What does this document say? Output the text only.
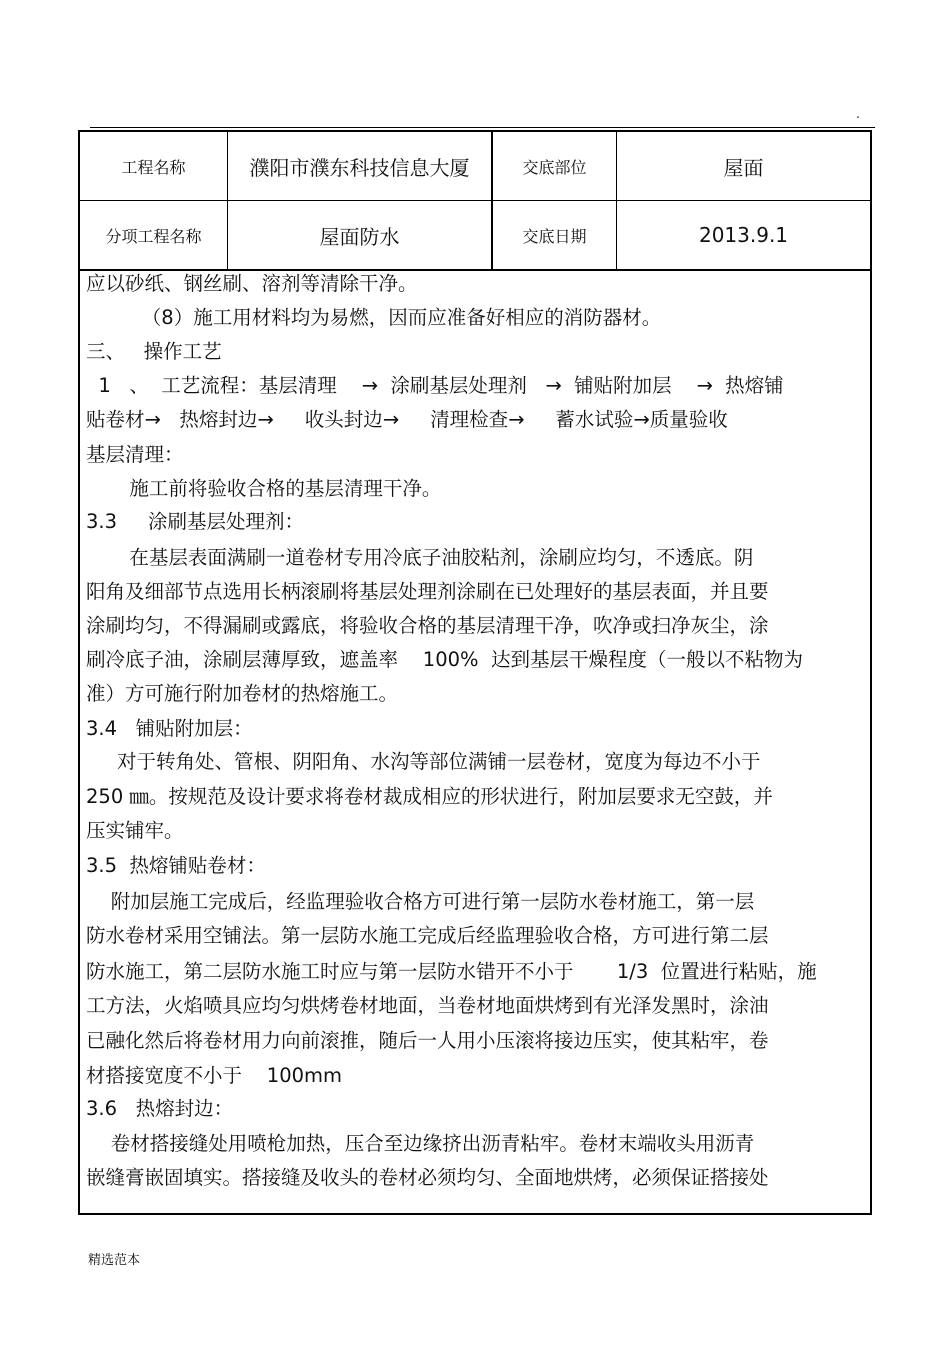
.
工程名称	濮阳市濮东科技信息大厦	交底部位	屋面
分项工程名称	屋面防水	交底日期	2013.9.1
应以砂纸、钢丝刷、溶剂等清除干净。
（8）施工用材料均为易燃，因而应准备好相应的消防器材。
三、   操作工艺
1   、  工艺流程：基层清理    →  涂刷基层处理剂   →  铺贴附加层    →  热熔铺
贴卷材→   热熔封边→     收头封边→     清理检查→     蓄水试验→质量验收
基层清理：
施工前将验收合格的基层清理干净。
3.3     涂刷基层处理剂：
在基层表面满刷一道卷材专用冷底子油胶粘剂，涂刷应均匀，不透底。阴
阳角及细部节点选用长柄滚刷将基层处理剂涂刷在已处理好的基层表面，并且要
涂刷均匀，不得漏刷或露底，将验收合格的基层清理干净，吹净或扫净灰尘，涂
刷冷底子油，涂刷层薄厚致，遮盖率    100%  达到基层干燥程度（一般以不粘物为
准）方可施行附加卷材的热熔施工。
3.4   铺贴附加层：
对于转角处、管根、阴阳角、水沟等部位满铺一层卷材，宽度为每边不小于
250 ㎜。按规范及设计要求将卷材裁成相应的形状进行，附加层要求无空鼓，并
压实铺牢。
3.5  热熔铺贴卷材：
附加层施工完成后，经监理验收合格方可进行第一层防水卷材施工，第一层
防水卷材采用空铺法。第一层防水施工完成后经监理验收合格，方可进行第二层
防水施工，第二层防水施工时应与第一层防水错开不小于       1/3  位置进行粘贴，施
工方法，火焰喷具应均匀烘烤卷材地面，当卷材地面烘烤到有光泽发黑时，涂油
已融化然后将卷材用力向前滚推，随后一人用小压滚将接边压实，使其粘牢，卷
材搭接宽度不小于    100mm
3.6   热熔封边：
卷材搭接缝处用喷枪加热，压合至边缘挤出沥青粘牢。卷材末端收头用沥青
嵌缝膏嵌固填实。搭接缝及收头的卷材必须均匀、全面地烘烤，必须保证搭接处
精选范本
